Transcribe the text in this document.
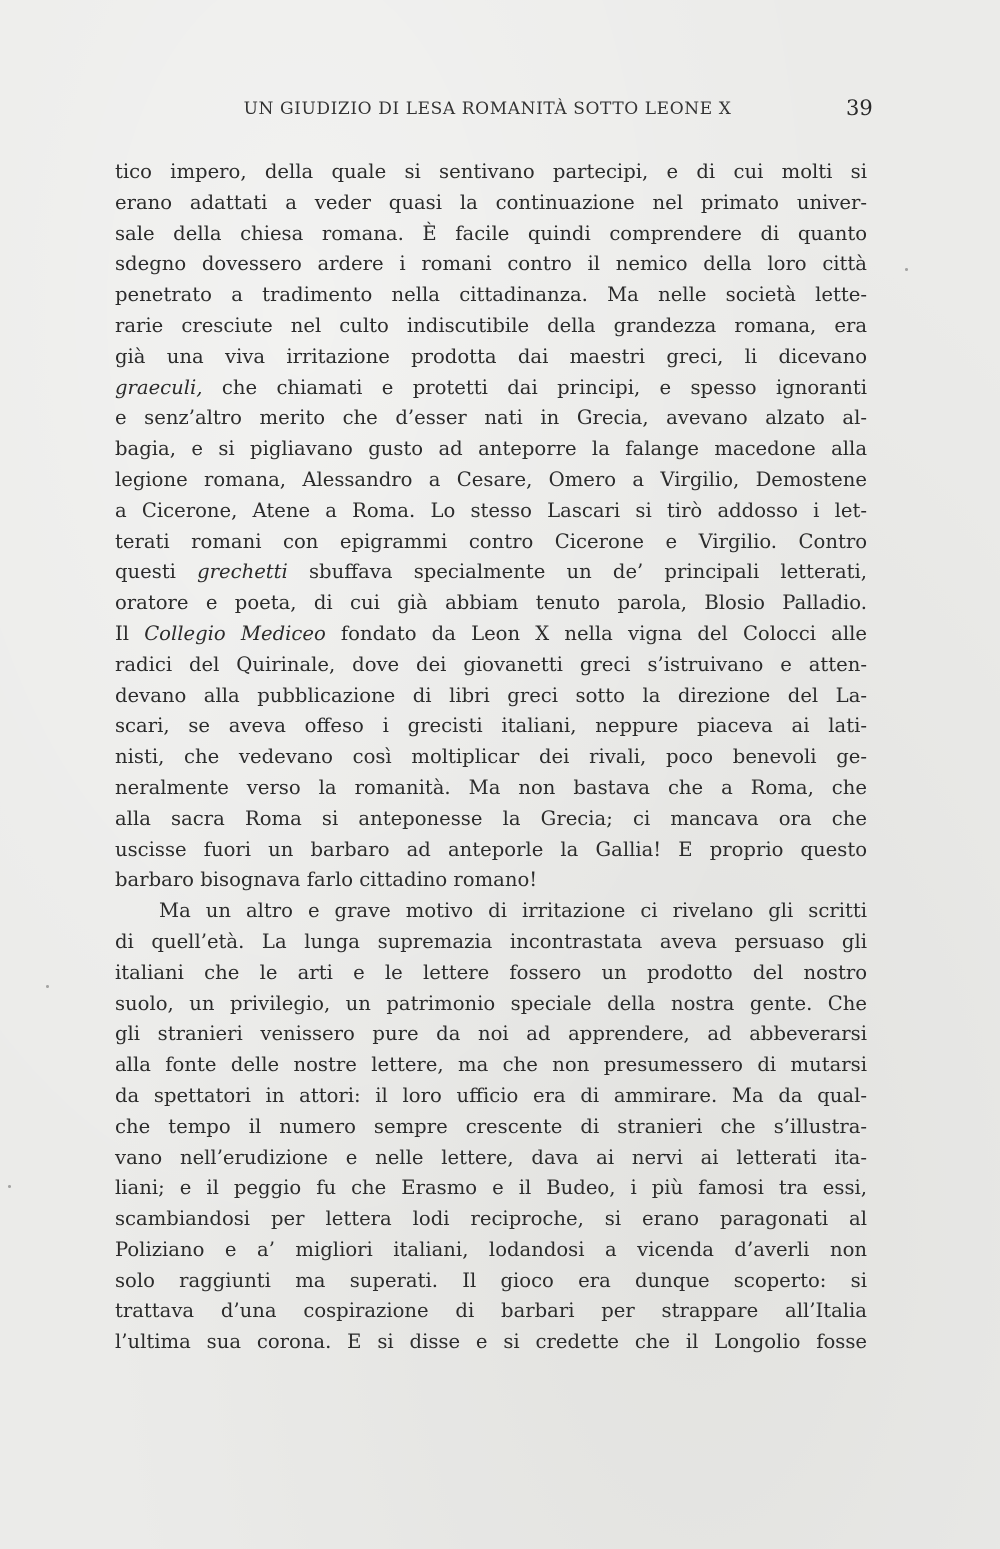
UN GIUDIZIO DI LESA ROMANITÀ SOTTO LEONE X	39
tico impero, della quale si sentivano partecipi, e di cui molti si
erano adattati a veder quasi la continuazione nel primato univer-
sale della chiesa romana. È facile quindi comprendere di quanto
sdegno dovessero ardere i romani contro il nemico della loro città
penetrato a tradimento nella cittadinanza. Ma nelle società lette-
rarie cresciute nel culto indiscutibile della grandezza romana, era
già una viva irritazione prodotta dai maestri greci, li dicevano
graeculi, che chiamati e protetti dai principi, e spesso ignoranti
e senz’altro merito che d’esser nati in Grecia, avevano alzato al-
bagia, e si pigliavano gusto ad anteporre la falange macedone alla
legione romana, Alessandro a Cesare, Omero a Virgilio, Demostene
a Cicerone, Atene a Roma. Lo stesso Lascari si tirò addosso i let-
terati romani con epigrammi contro Cicerone e Virgilio. Contro
questi grechetti sbuffava specialmente un de’ principali letterati,
oratore e poeta, di cui già abbiam tenuto parola, Blosio Palladio.
Il Collegio Mediceo fondato da Leon X nella vigna del Colocci alle
radici del Quirinale, dove dei giovanetti greci s’istruivano e atten-
devano alla pubblicazione di libri greci sotto la direzione del La-
scari, se aveva offeso i grecisti italiani, neppure piaceva ai lati-
nisti, che vedevano così moltiplicar dei rivali, poco benevoli ge-
neralmente verso la romanità. Ma non bastava che a Roma, che
alla sacra Roma si anteponesse la Grecia; ci mancava ora che
uscisse fuori un barbaro ad anteporle la Gallia! E proprio questo
barbaro bisognava farlo cittadino romano!
Ma un altro e grave motivo di irritazione ci rivelano gli scritti
di quell’età. La lunga supremazia incontrastata aveva persuaso gli
italiani che le arti e le lettere fossero un prodotto del nostro
suolo, un privilegio, un patrimonio speciale della nostra gente. Che
gli stranieri venissero pure da noi ad apprendere, ad abbeverarsi
alla fonte delle nostre lettere, ma che non presumessero di mutarsi
da spettatori in attori: il loro ufficio era di ammirare. Ma da qual-
che tempo il numero sempre crescente di stranieri che s’illustra-
vano nell’erudizione e nelle lettere, dava ai nervi ai letterati ita-
liani; e il peggio fu che Erasmo e il Budeo, i più famosi tra essi,
scambiandosi per lettera lodi reciproche, si erano paragonati al
Poliziano e a’ migliori italiani, lodandosi a vicenda d’averli non
solo raggiunti ma superati. Il gioco era dunque scoperto: si
trattava d’una cospirazione di barbari per strappare all’Italia
l’ultima sua corona. E si disse e si credette che il Longolio fosse
